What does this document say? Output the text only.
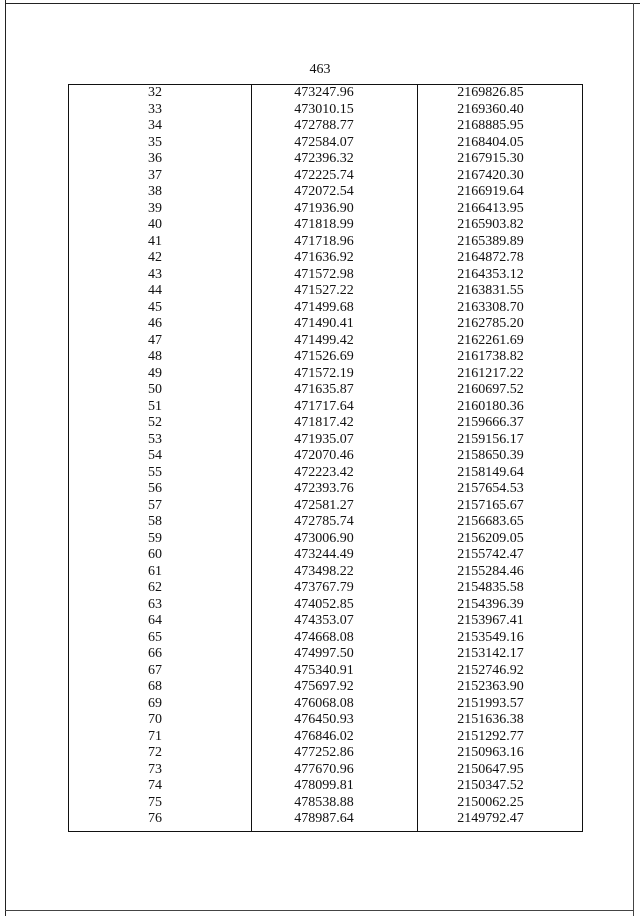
463
32	473247.96	2169826.85
33	473010.15	2169360.40
34	472788.77	2168885.95
35	472584.07	2168404.05
36	472396.32	2167915.30
37	472225.74	2167420.30
38	472072.54	2166919.64
39	471936.90	2166413.95
40	471818.99	2165903.82
41	471718.96	2165389.89
42	471636.92	2164872.78
43	471572.98	2164353.12
44	471527.22	2163831.55
45	471499.68	2163308.70
46	471490.41	2162785.20
47	471499.42	2162261.69
48	471526.69	2161738.82
49	471572.19	2161217.22
50	471635.87	2160697.52
51	471717.64	2160180.36
52	471817.42	2159666.37
53	471935.07	2159156.17
54	472070.46	2158650.39
55	472223.42	2158149.64
56	472393.76	2157654.53
57	472581.27	2157165.67
58	472785.74	2156683.65
59	473006.90	2156209.05
60	473244.49	2155742.47
61	473498.22	2155284.46
62	473767.79	2154835.58
63	474052.85	2154396.39
64	474353.07	2153967.41
65	474668.08	2153549.16
66	474997.50	2153142.17
67	475340.91	2152746.92
68	475697.92	2152363.90
69	476068.08	2151993.57
70	476450.93	2151636.38
71	476846.02	2151292.77
72	477252.86	2150963.16
73	477670.96	2150647.95
74	478099.81	2150347.52
75	478538.88	2150062.25
76	478987.64	2149792.47
